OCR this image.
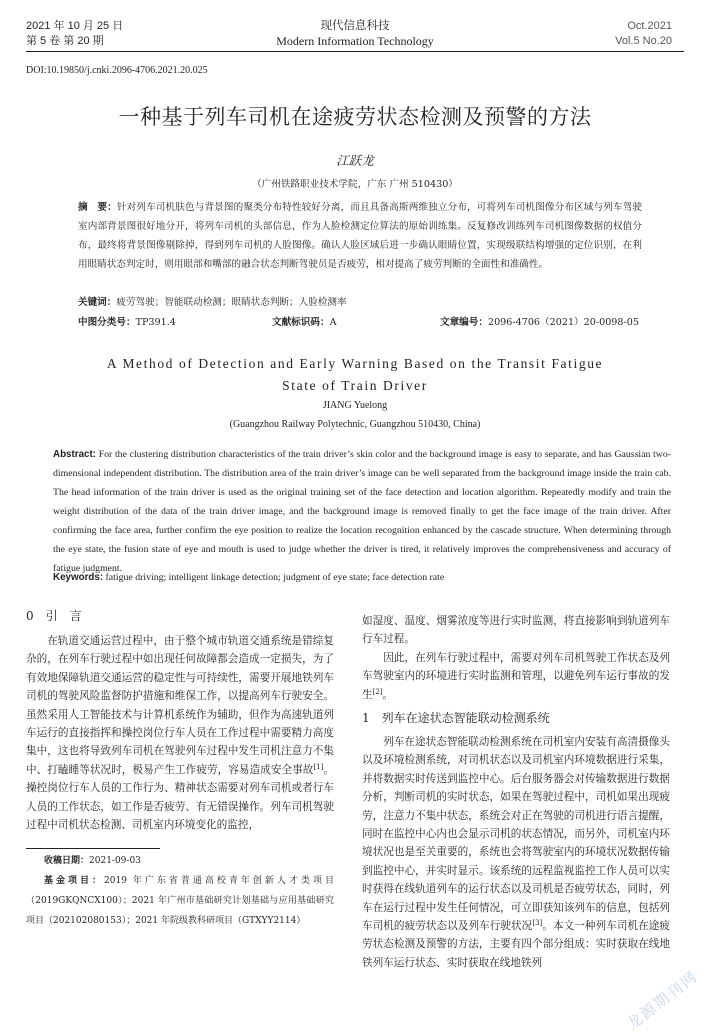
2021 年 10 月 25 日
第 5 卷 第 20 期
现代信息科技
Modern Information Technology
Oct.2021
Vol.5 No.20
DOI:10.19850/j.cnki.2096-4706.2021.20.025
一种基于列车司机在途疲劳状态检测及预警的方法
江跃龙
（广州铁路职业技术学院，广东 广州 510430）
摘　要：针对列车司机肤色与背景图的聚类分布特性较好分离，而且具备高斯两维独立分布，可将列车司机图像分布区域与列车驾驶室内部背景图很好地分开，将列车司机的头部信息，作为人脸检测定位算法的原始训练集。反复修改训练列车司机图像数据的权值分布，最终将背景图像剔除掉，得到列车司机的人脸图像。确认人脸区域后进一步确认眼睛位置，实现级联结构增强的定位识别，在利用眼睛状态判定时，则用眼部和嘴部的融合状态判断驾驶员是否疲劳，相对提高了疲劳判断的全面性和准确性。
关键词：疲劳驾驶；智能联动检测；眼睛状态判断；人脸检测率
中图分类号：TP391.4	文献标识码：A	文章编号：2096-4706（2021）20-0098-05
A Method of Detection and Early Warning Based on the Transit Fatigue
State of Train Driver
JIANG Yuelong
(Guangzhou Railway Polytechnic, Guangzhou 510430, China)
Abstract: For the clustering distribution characteristics of the train driver’s skin color and the background image is easy to separate, and has Gaussian two-dimensional independent distribution. The distribution area of the train driver’s image can be well separated from the background image inside the train cab. The head information of the train driver is used as the original training set of the face detection and location algorithm. Repeatedly modify and train the weight distribution of the data of the train driver image, and the background image is removed finally to get the face image of the train driver. After confirming the face area, further confirm the eye position to realize the location recognition enhanced by the cascade structure. When determining through the eye state, the fusion state of eye and mouth is used to judge whether the driver is tired, it relatively improves the comprehensiveness and accuracy of fatigue judgment.
Keywords: fatigue driving; intelligent linkage detection; judgment of eye state; face detection rate
0　引　言
在轨道交通运营过程中，由于整个城市轨道交通系统是错综复杂的，在列车行驶过程中如出现任何故障都会造成一定损失，为了有效地保障轨道交通运营的稳定性与可持续性，需要开展地铁列车司机的驾驶风险监督防护措施和维保工作，以提高列车行驶安全。虽然采用人工智能技术与计算机系统作为辅助，但作为高速轨道列车运行的直接指挥和操控岗位行车人员在工作过程中需要精力高度集中，这也将导致列车司机在驾驶列车过程中发生司机注意力不集中、打瞌睡等状况时，极易产生工作疲劳，容易造成安全事故[1]。操控岗位行车人员的工作行为、精神状态需要对列车司机或者行车人员的工作状态，如工作是否疲劳、有无错误操作。列车司机驾驶过程中司机状态检测、司机室内环境变化的监控，
收稿日期：2021-09-03
基金项目：2019 年广东省普通高校青年创新人才类项目（2019GKQNCX100）；2021 年广州市基础研究计划基础与应用基础研究项目（202102080153）；2021 年院级教科研项目（GTXYY2114）
如湿度、温度、烟雾浓度等进行实时监测，将直接影响到轨道列车行车过程。
因此，在列车行驶过程中，需要对列车司机驾驶工作状态及列车驾驶室内的环境进行实时监测和管理，以避免列车运行事故的发生[2]。
1　列车在途状态智能联动检测系统
列车在途状态智能联动检测系统在司机室内安装有高清摄像头以及环境检测系统，对司机状态以及司机室内环境数据进行采集，并将数据实时传送到监控中心。后台服务器会对传输数据进行数据分析，判断司机的实时状态，如果在驾驶过程中，司机如果出现疲劳，注意力不集中状态，系统会对正在驾驶的司机进行语言提醒，同时在监控中心内也会显示司机的状态情况，而另外，司机室内环境状况也是至关重要的，系统也会将驾驶室内的环境状况数据传输到监控中心，并实时显示。该系统的远程监视监控工作人员可以实时获得在线轨道列车的运行状态以及司机是否疲劳状态，同时，列车在运行过程中发生任何情况，可立即获知该列车的信息，包括列车司机的疲劳状态以及列车行驶状况[3]。本文一种列车司机在途疲劳状态检测及预警的方法，主要有四个部分组成：实时获取在线地铁列车运行状态、实时获取在线地铁列
龙源期刊网
